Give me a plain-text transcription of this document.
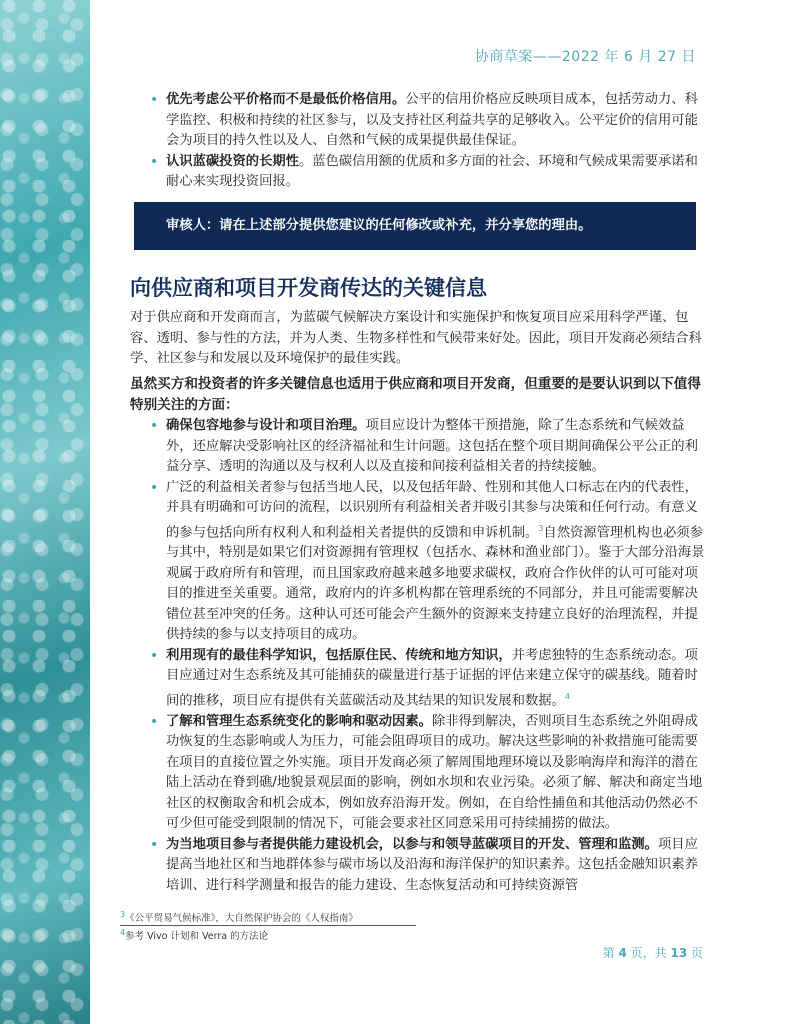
协商草案——2022 年 6 月 27 日
• 优先考虑公平价格而不是最低价格信用。公平的信用价格应反映项目成本，包括劳动力、科学监控、积极和持续的社区参与，以及支持社区利益共享的足够收入。公平定价的信用可能会为项目的持久性以及人、自然和气候的成果提供最佳保证。
• 认识蓝碳投资的长期性。蓝色碳信用额的优质和多方面的社会、环境和气候成果需要承诺和耐心来实现投资回报。
审核人：请在上述部分提供您建议的任何修改或补充，并分享您的理由。
向供应商和项目开发商传达的关键信息

对于供应商和开发商而言，为蓝碳气候解决方案设计和实施保护和恢复项目应采用科学严谨、包容、透明、参与性的方法，并为人类、生物多样性和气候带来好处。因此，项目开发商必须结合科学、社区参与和发展以及环境保护的最佳实践。

虽然买方和投资者的许多关键信息也适用于供应商和项目开发商，但重要的是要认识到以下值得特别关注的方面：

• 确保包容地参与设计和项目治理。项目应设计为整体干预措施，除了生态系统和气候效益外，还应解决受影响社区的经济福祉和生计问题。这包括在整个项目期间确保公平公正的利益分享、透明的沟通以及与权利人以及直接和间接利益相关者的持续接触。
• 广泛的利益相关者参与包括当地人民，以及包括年龄、性别和其他人口标志在内的代表性，并具有明确和可访问的流程，以识别所有利益相关者并吸引其参与决策和任何行动。有意义的参与包括向所有权利人和利益相关者提供的反馈和申诉机制。$^3$自然资源管理机构也必须参与其中，特别是如果它们对资源拥有管理权（包括水、森林和渔业部门）。鉴于大部分沿海景观属于政府所有和管理，而且国家政府越来越多地要求碳权，政府合作伙伴的认可可能对项目的推进至关重要。通常，政府内的许多机构都在管理系统的不同部分，并且可能需要解决错位甚至冲突的任务。这种认可还可能会产生额外的资源来支持建立良好的治理流程，并提供持续的参与以支持项目的成功。
• 利用现有的最佳科学知识，包括原住民、传统和地方知识，并考虑独特的生态系统动态。项目应通过对生态系统及其可能捕获的碳量进行基于证据的评估来建立保守的碳基线。随着时间的推移，项目应有提供有关蓝碳活动及其结果的知识发展和数据。$^4$
• 了解和管理生态系统变化的影响和驱动因素。除非得到解决，否则项目生态系统之外阻碍成功恢复的生态影响或人为压力，可能会阻碍项目的成功。解决这些影响的补救措施可能需要在项目的直接位置之外实施。项目开发商必须了解周围地理环境以及影响海岸和海洋的潜在陆上活动在脊到礁/地貌景观层面的影响，例如水坝和农业污染。必须了解、解决和商定当地社区的权衡取舍和机会成本，例如放弃沿海开发。例如，在自给性捕鱼和其他活动仍然必不可少但可能受到限制的情况下，可能会要求社区同意采用可持续捕捞的做法。
• 为当地项目参与者提供能力建设机会，以参与和领导蓝碳项目的开发、管理和监测。项目应提高当地社区和当地群体参与碳市场以及沿海和海洋保护的知识素养。这包括金融知识素养培训、进行科学测量和报告的能力建设、生态恢复活动和可持续资源管
$^3$《公平贸易气候标准》，大自然保护协会的《人权指南》
$^4$参考 Vivo 计划和 Verra 的方法论
第 4 页，共 13 页
